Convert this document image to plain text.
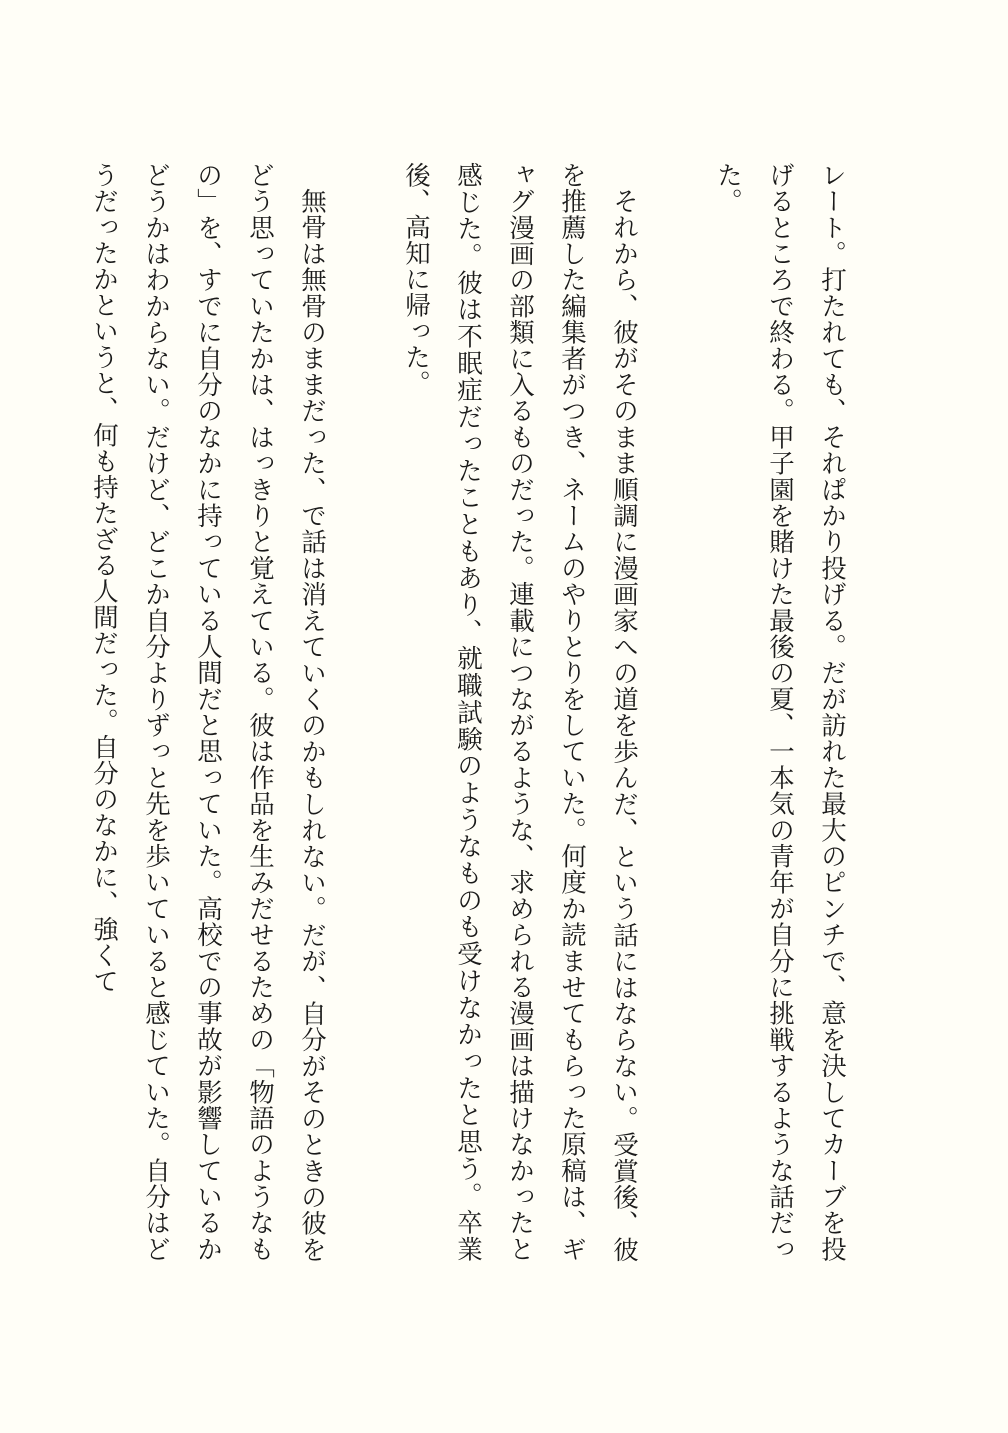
レート。打たれても、それぱかり投げる。だが訪れた最大のピンチで、意を決してカーブを投げるところで終わる。甲子園を賭けた最後の夏、一本気の青年が自分に挑戦するような話だった。

それから、彼がそのまま順調に漫画家への道を歩んだ、という話にはならない。受賞後、彼を推薦した編集者がつき、ネームのやりとりをしていた。何度か読ませてもらった原稿は、ギャグ漫画の部類に入るものだった。連載につながるような、求められる漫画は描けなかったと感じた。彼は不眠症だったこともあり、就職試験のようなものも受けなかったと思う。卒業後、高知に帰った。

無骨は無骨のままだった、で話は消えていくのかもしれない。だが、自分がそのときの彼をどう思っていたかは、はっきりと覚えている。彼は作品を生みだせるための「物語のようなもの」を、すでに自分のなかに持っている人間だと思っていた。高校での事故が影響しているかどうかはわからない。だけど、どこか自分よりずっと先を歩いていると感じていた。自分はどうだったかというと、何も持たざる人間だった。自分のなかに、強くて
